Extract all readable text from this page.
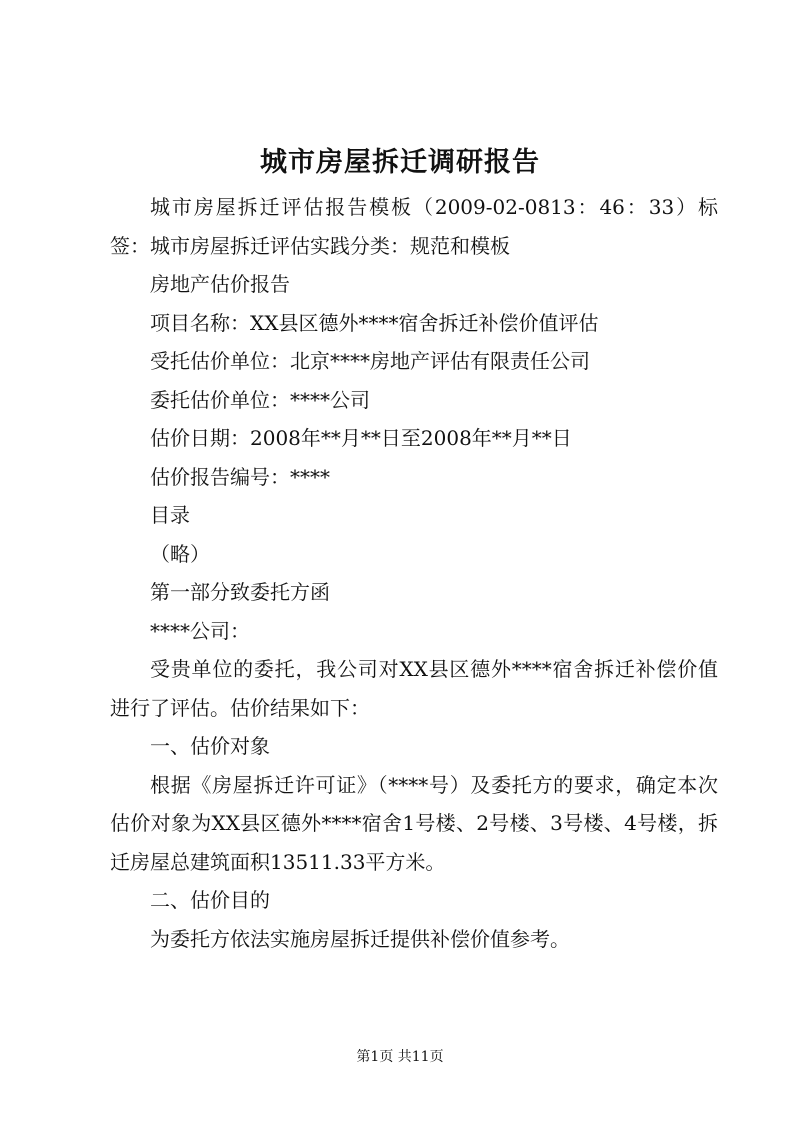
城市房屋拆迁调研报告

城市房屋拆迁评估报告模板（2009-02-0813：46：33）标签：城市房屋拆迁评估实践分类：规范和模板

房地产估价报告

项目名称：XX县区德外****宿舍拆迁补偿价值评估

受托估价单位：北京****房地产评估有限责任公司

委托估价单位：****公司

估价日期：2008年**月**日至2008年**月**日

估价报告编号：****

目录

（略）

第一部分致委托方函

****公司：

受贵单位的委托，我公司对XX县区德外****宿舍拆迁补偿价值进行了评估。估价结果如下：

一、估价对象

根据《房屋拆迁许可证》（****号）及委托方的要求，确定本次估价对象为XX县区德外****宿舍1号楼、2号楼、3号楼、4号楼，拆迁房屋总建筑面积13511.33平方米。

二、估价目的

为委托方依法实施房屋拆迁提供补偿价值参考。

第1页 共11页
